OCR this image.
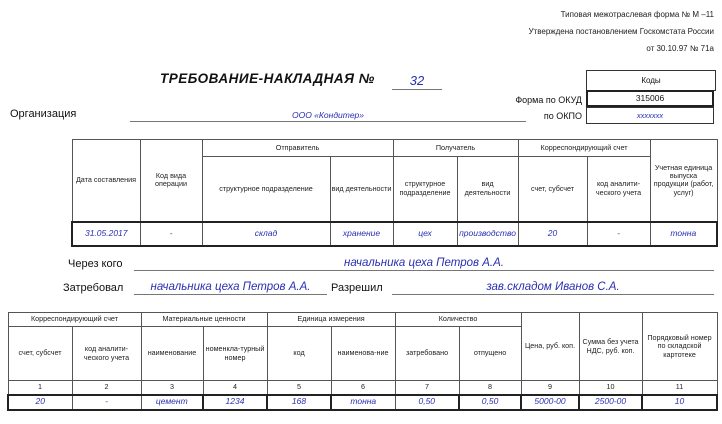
Типовая межотраслевая форма № М –11
Утверждена постановлением Госкомстата России
от 30.10.97 № 71а
ТРЕБОВАНИЕ-НАКЛАДНАЯ №	32	Коды
Форма по ОКУД	315006
по ОКПО	xxxxxxx
Организация	ООО «Кондитер»
Дата составления	Код вида операции	Отправитель		Получатель		Корреспондирующий счет		Учетная единица выпуска продукции (работ, услуг)
		структурное подразделение	вид деятельности	структурное подразделение	вид деятельности	счет, субсчет	код аналити-ческого учета	
31.05.2017	-	склад	хранение	цех	производство	20	-	тонна
Через кого	начальника цеха Петров А.А.
Затребовал	начальника цеха Петров А.А.	Разрешил	зав.складом Иванов С.А.
Корреспондирующий счет		Материальные ценности		Единица измерения		Количество		Цена, руб. коп.	Сумма без учета НДС, руб. коп.	Порядковый номер по складской картотеке
счет, субсчет	код аналити-ческого учета	наименование	номенкла-турный номер	код	наименова-ние	затребовано	отпущено			
1	2	3	4	5	6	7	8	9	10	11
20	-	цемент	1234	168	тонна	0,50	0,50	5000-00	2500-00	10
